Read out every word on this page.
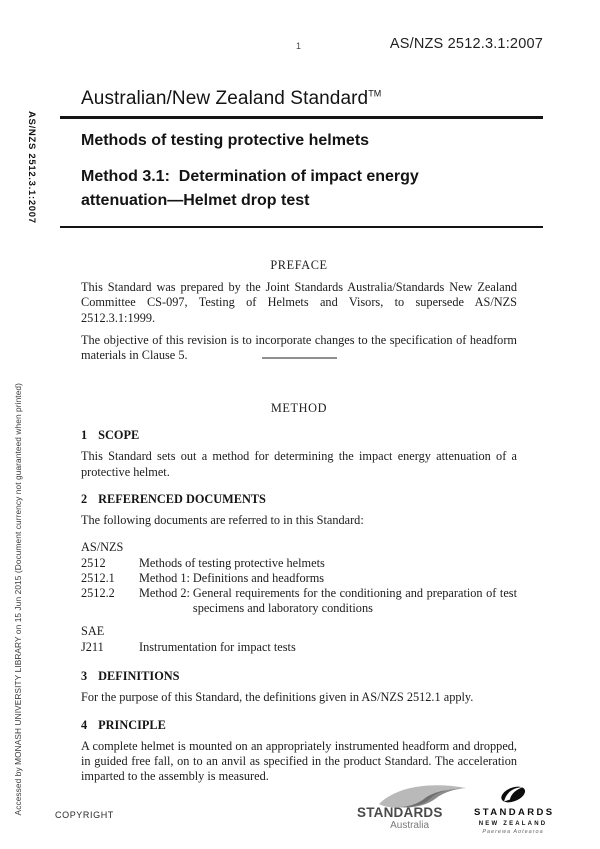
AS/NZS 2512.3.1:2007
Accessed by MONASH UNIVERSITY LIBRARY on 15 Jun 2015 (Document currency not guaranteed when printed)
1	AS/NZS 2512.3.1:2007
Australian/New Zealand Standard™
Methods of testing protective helmets
Method 3.1:  Determination of impact energy
attenuation—Helmet drop test
PREFACE

This Standard was prepared by the Joint Standards Australia/Standards New Zealand Committee CS-097, Testing of Helmets and Visors, to supersede AS/NZS 2512.3.1:1999.

The objective of this revision is to incorporate changes to the specification of headform materials in Clause 5.

METHOD
1 SCOPE

This Standard sets out a method for determining the impact energy attenuation of a protective helmet.

2 REFERENCED DOCUMENTS

The following documents are referred to in this Standard:

AS/NZS
2512	Methods of testing protective helmets
2512.1	Method 1: Definitions and headforms
2512.2	Method 2: General requirements for the conditioning and preparation of test specimens and laboratory conditions
SAE
J211	Instrumentation for impact tests
3 DEFINITIONS

For the purpose of this Standard, the definitions given in AS/NZS 2512.1 apply.

4 PRINCIPLE

A complete helmet is mounted on an appropriately instrumented headform and dropped, in guided free fall, on to an anvil as specified in the product Standard. The acceleration imparted to the assembly is measured.

COPYRIGHT	STANDARDS
Australia
STANDARDS
NEW ZEALAND
Paerewa Aotearoa
